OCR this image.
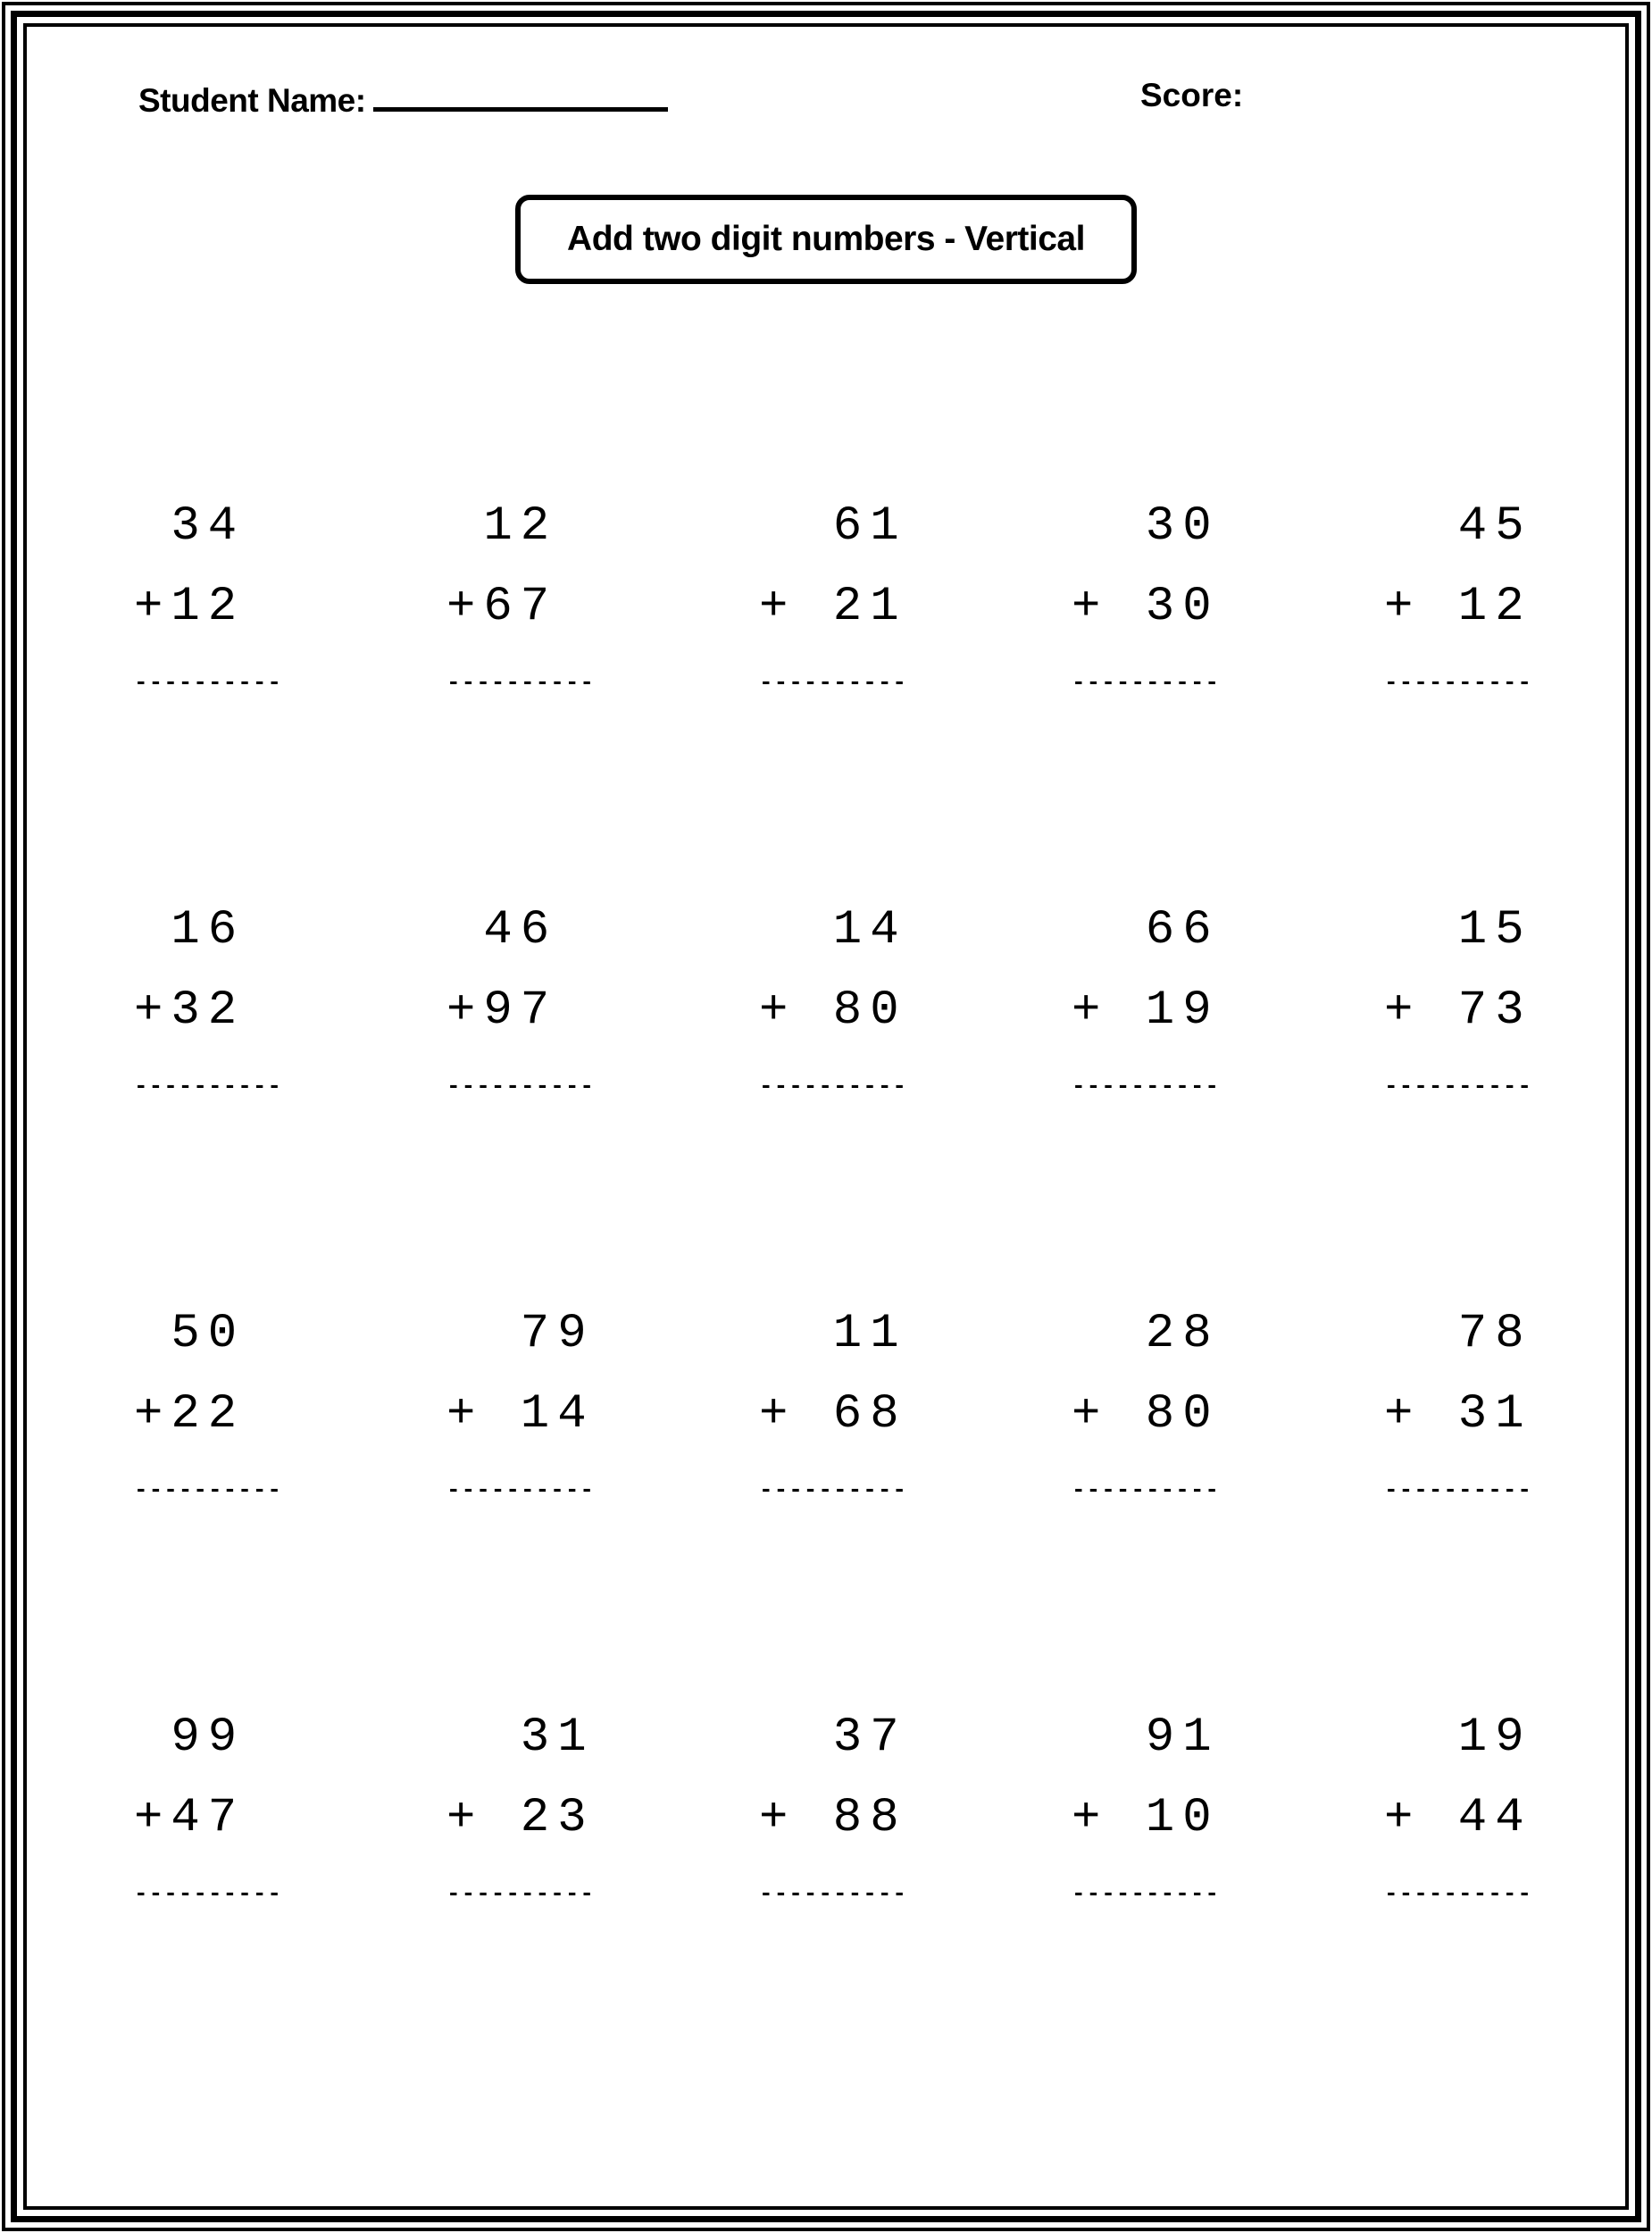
Student Name:	Score:
Add two digit numbers - Vertical
34
+12
----------
12
+67
----------
61
+ 21
----------
30
+ 30
----------
45
+ 12
----------
16
+32
----------
46
+97
----------
14
+ 80
----------
66
+ 19
----------
15
+ 73
----------
50
+22
----------
79
+ 14
----------
11
+ 68
----------
28
+ 80
----------
78
+ 31
----------
99
+47
----------
31
+ 23
----------
37
+ 88
----------
91
+ 10
----------
19
+ 44
----------
